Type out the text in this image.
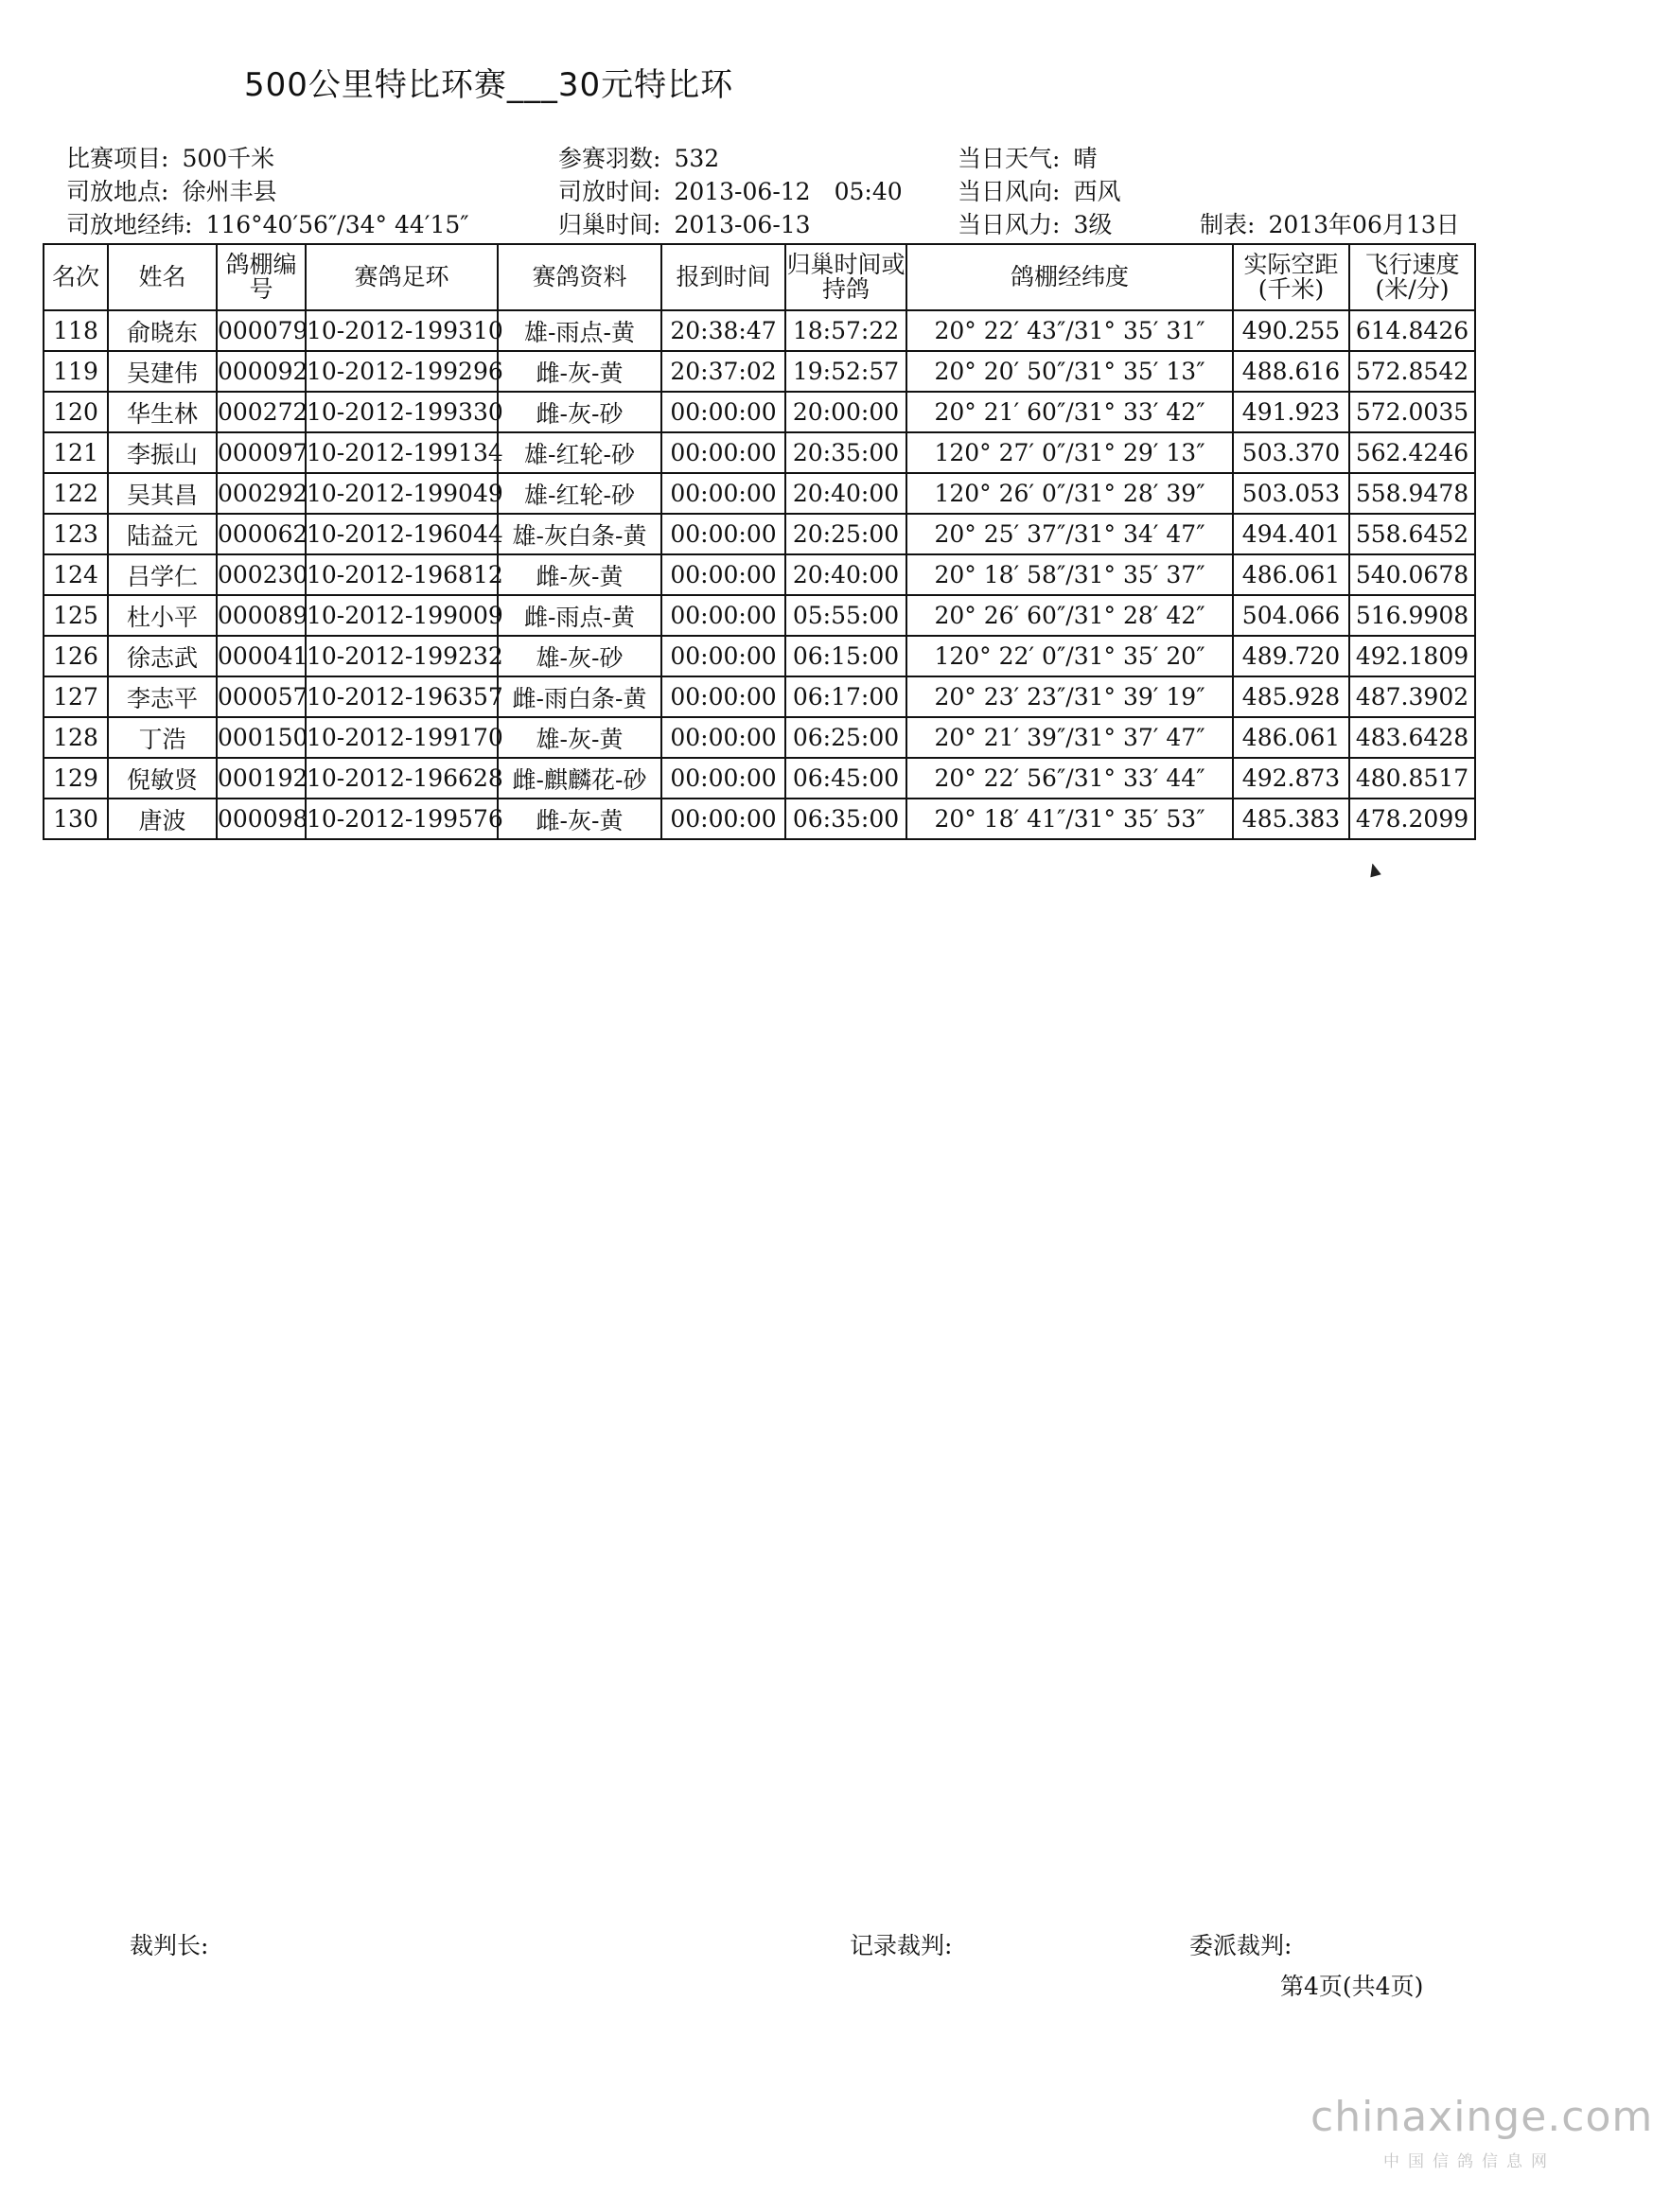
500公里特比环赛___30元特比环
比赛项目: 500千米	参赛羽数: 532	当日天气: 晴
司放地点: 徐州丰县	司放时间: 2013-06-12　05:40 当日风向: 西风
司放地经纬: 116°40′56″/34° 44′15″	归巢时间: 2013-06-13	当日风力: 3级	制表: 2013年06月13日
名次	姓名	鸽棚编号	赛鸽足环	赛鸽资料	报到时间	归巢时间或持鸽	鸽棚经纬度	实际空距(千米)	飞行速度(米/分)
118	俞晓东	000079	10-2012-199310	雄-雨点-黄	20:38:47	18:57:22	20° 22′ 43″/31° 35′ 31″	490.255	614.8426
119	吴建伟	000092	10-2012-199296	雌-灰-黄	20:37:02	19:52:57	20° 20′ 50″/31° 35′ 13″	488.616	572.8542
120	华生林	000272	10-2012-199330	雌-灰-砂	00:00:00	20:00:00	20° 21′ 60″/31° 33′ 42″	491.923	572.0035
121	李振山	000097	10-2012-199134	雄-红轮-砂	00:00:00	20:35:00	120° 27′ 0″/31° 29′ 13″	503.370	562.4246
122	吴其昌	000292	10-2012-199049	雄-红轮-砂	00:00:00	20:40:00	120° 26′ 0″/31° 28′ 39″	503.053	558.9478
123	陆益元	000062	10-2012-196044	雄-灰白条-黄	00:00:00	20:25:00	20° 25′ 37″/31° 34′ 47″	494.401	558.6452
124	吕学仁	000230	10-2012-196812	雌-灰-黄	00:00:00	20:40:00	20° 18′ 58″/31° 35′ 37″	486.061	540.0678
125	杜小平	000089	10-2012-199009	雌-雨点-黄	00:00:00	05:55:00	20° 26′ 60″/31° 28′ 42″	504.066	516.9908
126	徐志武	000041	10-2012-199232	雄-灰-砂	00:00:00	06:15:00	120° 22′ 0″/31° 35′ 20″	489.720	492.1809
127	李志平	000057	10-2012-196357	雌-雨白条-黄	00:00:00	06:17:00	20° 23′ 23″/31° 39′ 19″	485.928	487.3902
128	丁浩	000150	10-2012-199170	雄-灰-黄	00:00:00	06:25:00	20° 21′ 39″/31° 37′ 47″	486.061	483.6428
129	倪敏贤	000192	10-2012-196628	雌-麒麟花-砂	00:00:00	06:45:00	20° 22′ 56″/31° 33′ 44″	492.873	480.8517
130	唐波	000098	10-2012-199576	雌-灰-黄	00:00:00	06:35:00	20° 18′ 41″/31° 35′ 53″	485.383	478.2099
裁判长:	记录裁判:	委派裁判:
第4页(共4页)
chinaxinge.com
中国信鸽信息网
